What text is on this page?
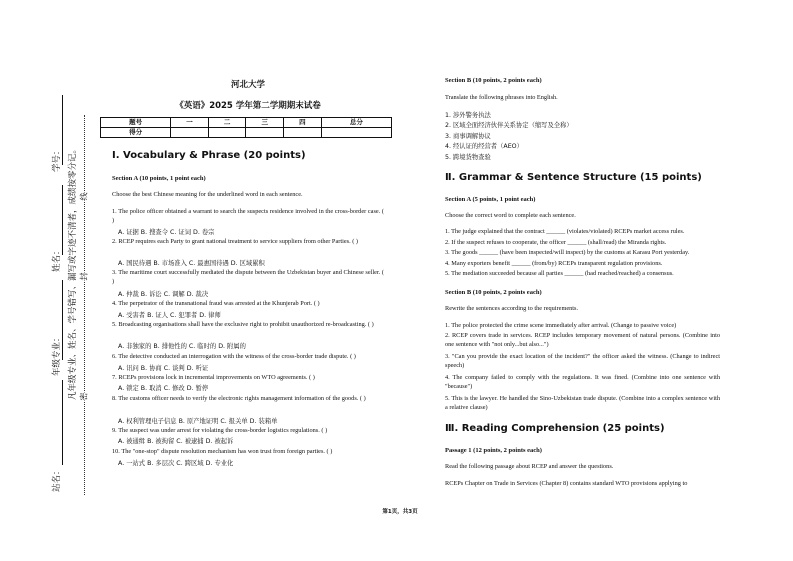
学号：
姓名：
年级专业：
站名：
凡年级专业、姓名、学号错写、漏写或字迹不清者，成绩按零分记。 线
封
密
河北大学
《英语》2025 学年第二学期期末试卷
题号	一	二	三	四	总分
得分					
Ⅰ. Vocabulary & Phrase (20 points)
Section A (10 points, 1 point each)
Choose the best Chinese meaning for the underlined word in each sentence.
1. The police officer obtained a warrant to search the suspects residence involved in the cross-border case. ( )
A. 证据 B. 搜查令 C. 证词 D. 卷宗
2. RCEP requires each Party to grant national treatment to service suppliers from other Parties. ( )
A. 国民待遇 B. 市场准入 C. 最惠国待遇 D. 区域累积
3. The maritime court successfully mediated the dispute between the Uzbekistan buyer and Chinese seller. ( )
A. 仲裁 B. 诉讼 C. 调解 D. 裁决
4. The perpetrator of the transnational fraud was arrested at the Khunjerab Port. ( )
A. 受害者 B. 证人 C. 犯罪者 D. 律师
5. Broadcasting organisations shall have the exclusive right to prohibit unauthorized re-broadcasting. ( )
A. 非独家的 B. 排他性的 C. 临时的 D. 附属的
6. The detective conducted an interrogation with the witness of the cross-border trade dispute. ( )
A. 讯问 B. 协商 C. 谈判 D. 听证
7. RCEPs provisions lock in incremental improvements on WTO agreements. ( )
A. 锁定 B. 取消 C. 修改 D. 暂停
8. The customs officer needs to verify the electronic rights management information of the goods. ( )
A. 权利管理电子信息 B. 原产地证明 C. 报关单 D. 装箱单
9. The suspect was under arrest for violating the cross-border logistics regulations. ( )
A. 被通缉 B. 被拘留 C. 被逮捕 D. 被起诉
10. The "one-stop" dispute resolution mechanism has won trust from foreign parties. ( )
A. 一站式 B. 多层次 C. 跨区域 D. 专业化
Section B (10 points, 2 points each)
Translate the following phrases into English.
1. 涉外警务执法
2. 区域全面经济伙伴关系协定（缩写及全称）
3. 商事调解协议
4. 经认证的经营者（AEO）
5. 跨境货物查验
Ⅱ. Grammar & Sentence Structure (15 points)
Section A (5 points, 1 point each)
Choose the correct word to complete each sentence.
1. The judge explained that the contract ______ (violates/violated) RCEPs market access rules.
2. If the suspect refuses to cooperate, the officer ______ (shall/read) the Miranda rights.
3. The goods ______ (have been inspected/will inspect) by the customs at Karasu Port yesterday.
4. Many exporters benefit ______ (from/by) RCEPs transparent regulation provisions.
5. The mediation succeeded because all parties ______ (had reached/reached) a consensus.
Section B (10 points, 2 points each)
Rewrite the sentences according to the requirements.
1. The police protected the crime scene immediately after arrival. (Change to passive voice)
2. RCEP covers trade in services. RCEP includes temporary movement of natural persons. (Combine into one sentence with "not only...but also...")
3. "Can you provide the exact location of the incident?" the officer asked the witness. (Change to indirect speech)
4. The company failed to comply with the regulations. It was fined. (Combine into one sentence with "because")
5. This is the lawyer. He handled the Sino-Uzbekistan trade dispute. (Combine into a complex sentence with a relative clause)
Ⅲ. Reading Comprehension (25 points)
Passage 1 (12 points, 2 points each)
Read the following passage about RCEP and answer the questions.
RCEPs Chapter on Trade in Services (Chapter 8) contains standard WTO provisions applying to
第1页，共3页
